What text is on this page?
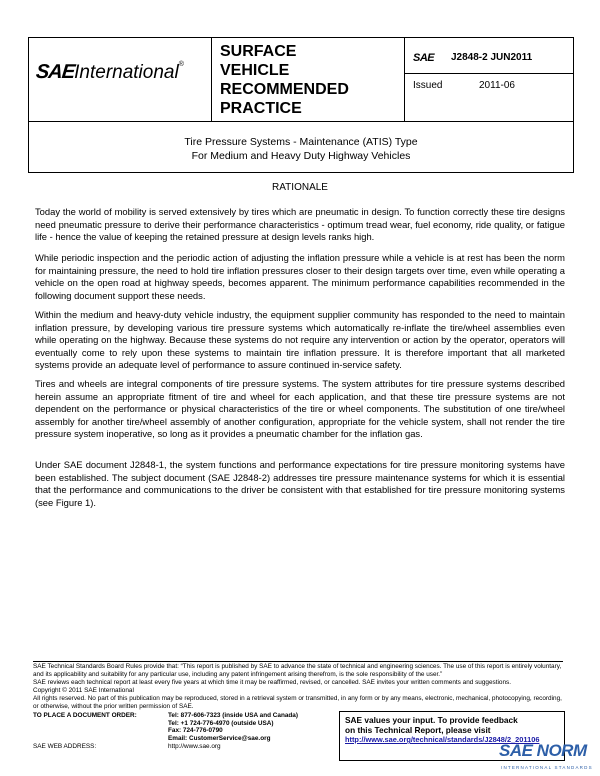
SAEInternational®
SURFACE
VEHICLE
RECOMMENDED
PRACTICE
SAE J2848-2 JUN2011
Issued	2011-06
Tire Pressure Systems - Maintenance (ATIS) Type
For Medium and Heavy Duty Highway Vehicles
RATIONALE

Today the world of mobility is served extensively by tires which are pneumatic in design. To function correctly these tire designs need pneumatic pressure to derive their performance characteristics - optimum tread wear, fuel economy, ride quality, or fatigue life - hence the value of keeping the retained pressure at design levels ranks high.

While periodic inspection and the periodic action of adjusting the inflation pressure while a vehicle is at rest has been the norm for maintaining pressure, the need to hold tire inflation pressures closer to their design targets over time, even while operating a vehicle on the open road at highway speeds, becomes apparent. The minimum performance capabilities recommended in the following document support these needs.

Within the medium and heavy-duty vehicle industry, the equipment supplier community has responded to the need to maintain inflation pressure, by developing various tire pressure systems which automatically re-inflate the tire/wheel assemblies even while operating on the highway. Because these systems do not require any intervention or action by the operator, operators will eventually come to rely upon these systems to maintain tire inflation pressure. It is therefore important that all marketed systems provide an adequate level of performance to assure continued in-service safety.

Tires and wheels are integral components of tire pressure systems. The system attributes for tire pressure systems described herein assume an appropriate fitment of tire and wheel for each application, and that these tire pressure systems are not dependent on the performance or physical characteristics of the tire or wheel components. The substitution of one tire/wheel assembly for another tire/wheel assembly of another configuration, appropriate for the vehicle system, shall not render the tire pressure system inoperative, so long as it provides a pneumatic chamber for the inflation gas.

Under SAE document J2848-1, the system functions and performance expectations for tire pressure monitoring systems have been established. The subject document (SAE J2848-2) addresses tire pressure maintenance systems for which it is essential that the performance and communications to the driver be consistent with that established for tire pressure monitoring systems (see Figure 1).

SAE Technical Standards Board Rules provide that: “This report is published by SAE to advance the state of technical and engineering sciences. The use of this report is entirely voluntary, and its applicability and suitability for any particular use, including any patent infringement arising therefrom, is the sole responsibility of the user.”
SAE reviews each technical report at least every five years at which time it may be reaffirmed, revised, or cancelled. SAE invites your written comments and suggestions.
Copyright © 2011 SAE International
All rights reserved. No part of this publication may be reproduced, stored in a retrieval system or transmitted, in any form or by any means, electronic, mechanical, photocopying, recording, or otherwise, without the prior written permission of SAE.
TO PLACE A DOCUMENT ORDER:	Tel: 877-606-7323 (inside USA and Canada)
Tel: +1 724-776-4970 (outside USA)
Fax: 724-776-0790
Email: CustomerService@sae.org
SAE WEB ADDRESS:	http://www.sae.org
SAE values your input. To provide feedback
on this Technical Report, please visit
http://www.sae.org/technical/standards/J2848/2_201106
SAE NORM
INTERNATIONAL STANDARDS
